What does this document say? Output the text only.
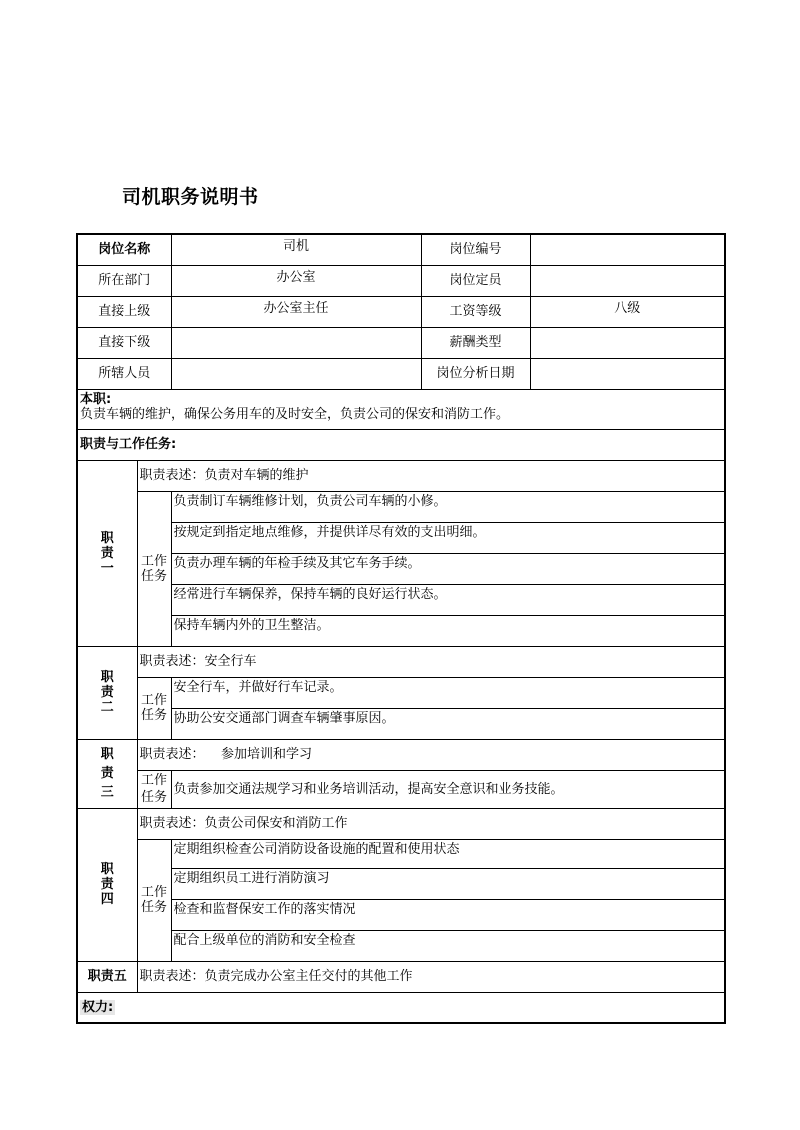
司机职务说明书
岗位名称		司机	岗位编号	
所在部门		办公室	岗位定员	
直接上级		办公室主任	工资等级	八级
直接下级			薪酬类型	
所辖人员			岗位分析日期	

本职:
负责车辆的维护，确保公务用车的及时安全，负责公司的保安和消防工作。				

职责与工作任务:				

职
责
一	职责表述：负责对车辆的维护			

	工作
任务	负责制订车辆维修计划，负责公司车辆的小修。		
		按规定到指定地点维修，并提供详尽有效的支出明细。		
		负责办理车辆的年检手续及其它车务手续。		
		经常进行车辆保养，保持车辆的良好运行状态。		
		保持车辆内外的卫生整洁。		

职
责
二	职责表述：安全行车			

	工作
任务	安全行车，并做好行车记录。		
		协助公安交通部门调查车辆肇事原因。		

职
责
三	职责表述：    参加培训和学习			

	工作
任务	负责参加交通法规学习和业务培训活动，提高安全意识和业务技能。		

职
责
四	职责表述：负责公司保安和消防工作			

	工作
任务	定期组织检查公司消防设备设施的配置和使用状态		
		定期组织员工进行消防演习		
		检查和监督保安工作的落实情况		
		配合上级单位的消防和安全检查		
职责五	职责表述：负责完成办公室主任交付的其他工作			
权力:				
